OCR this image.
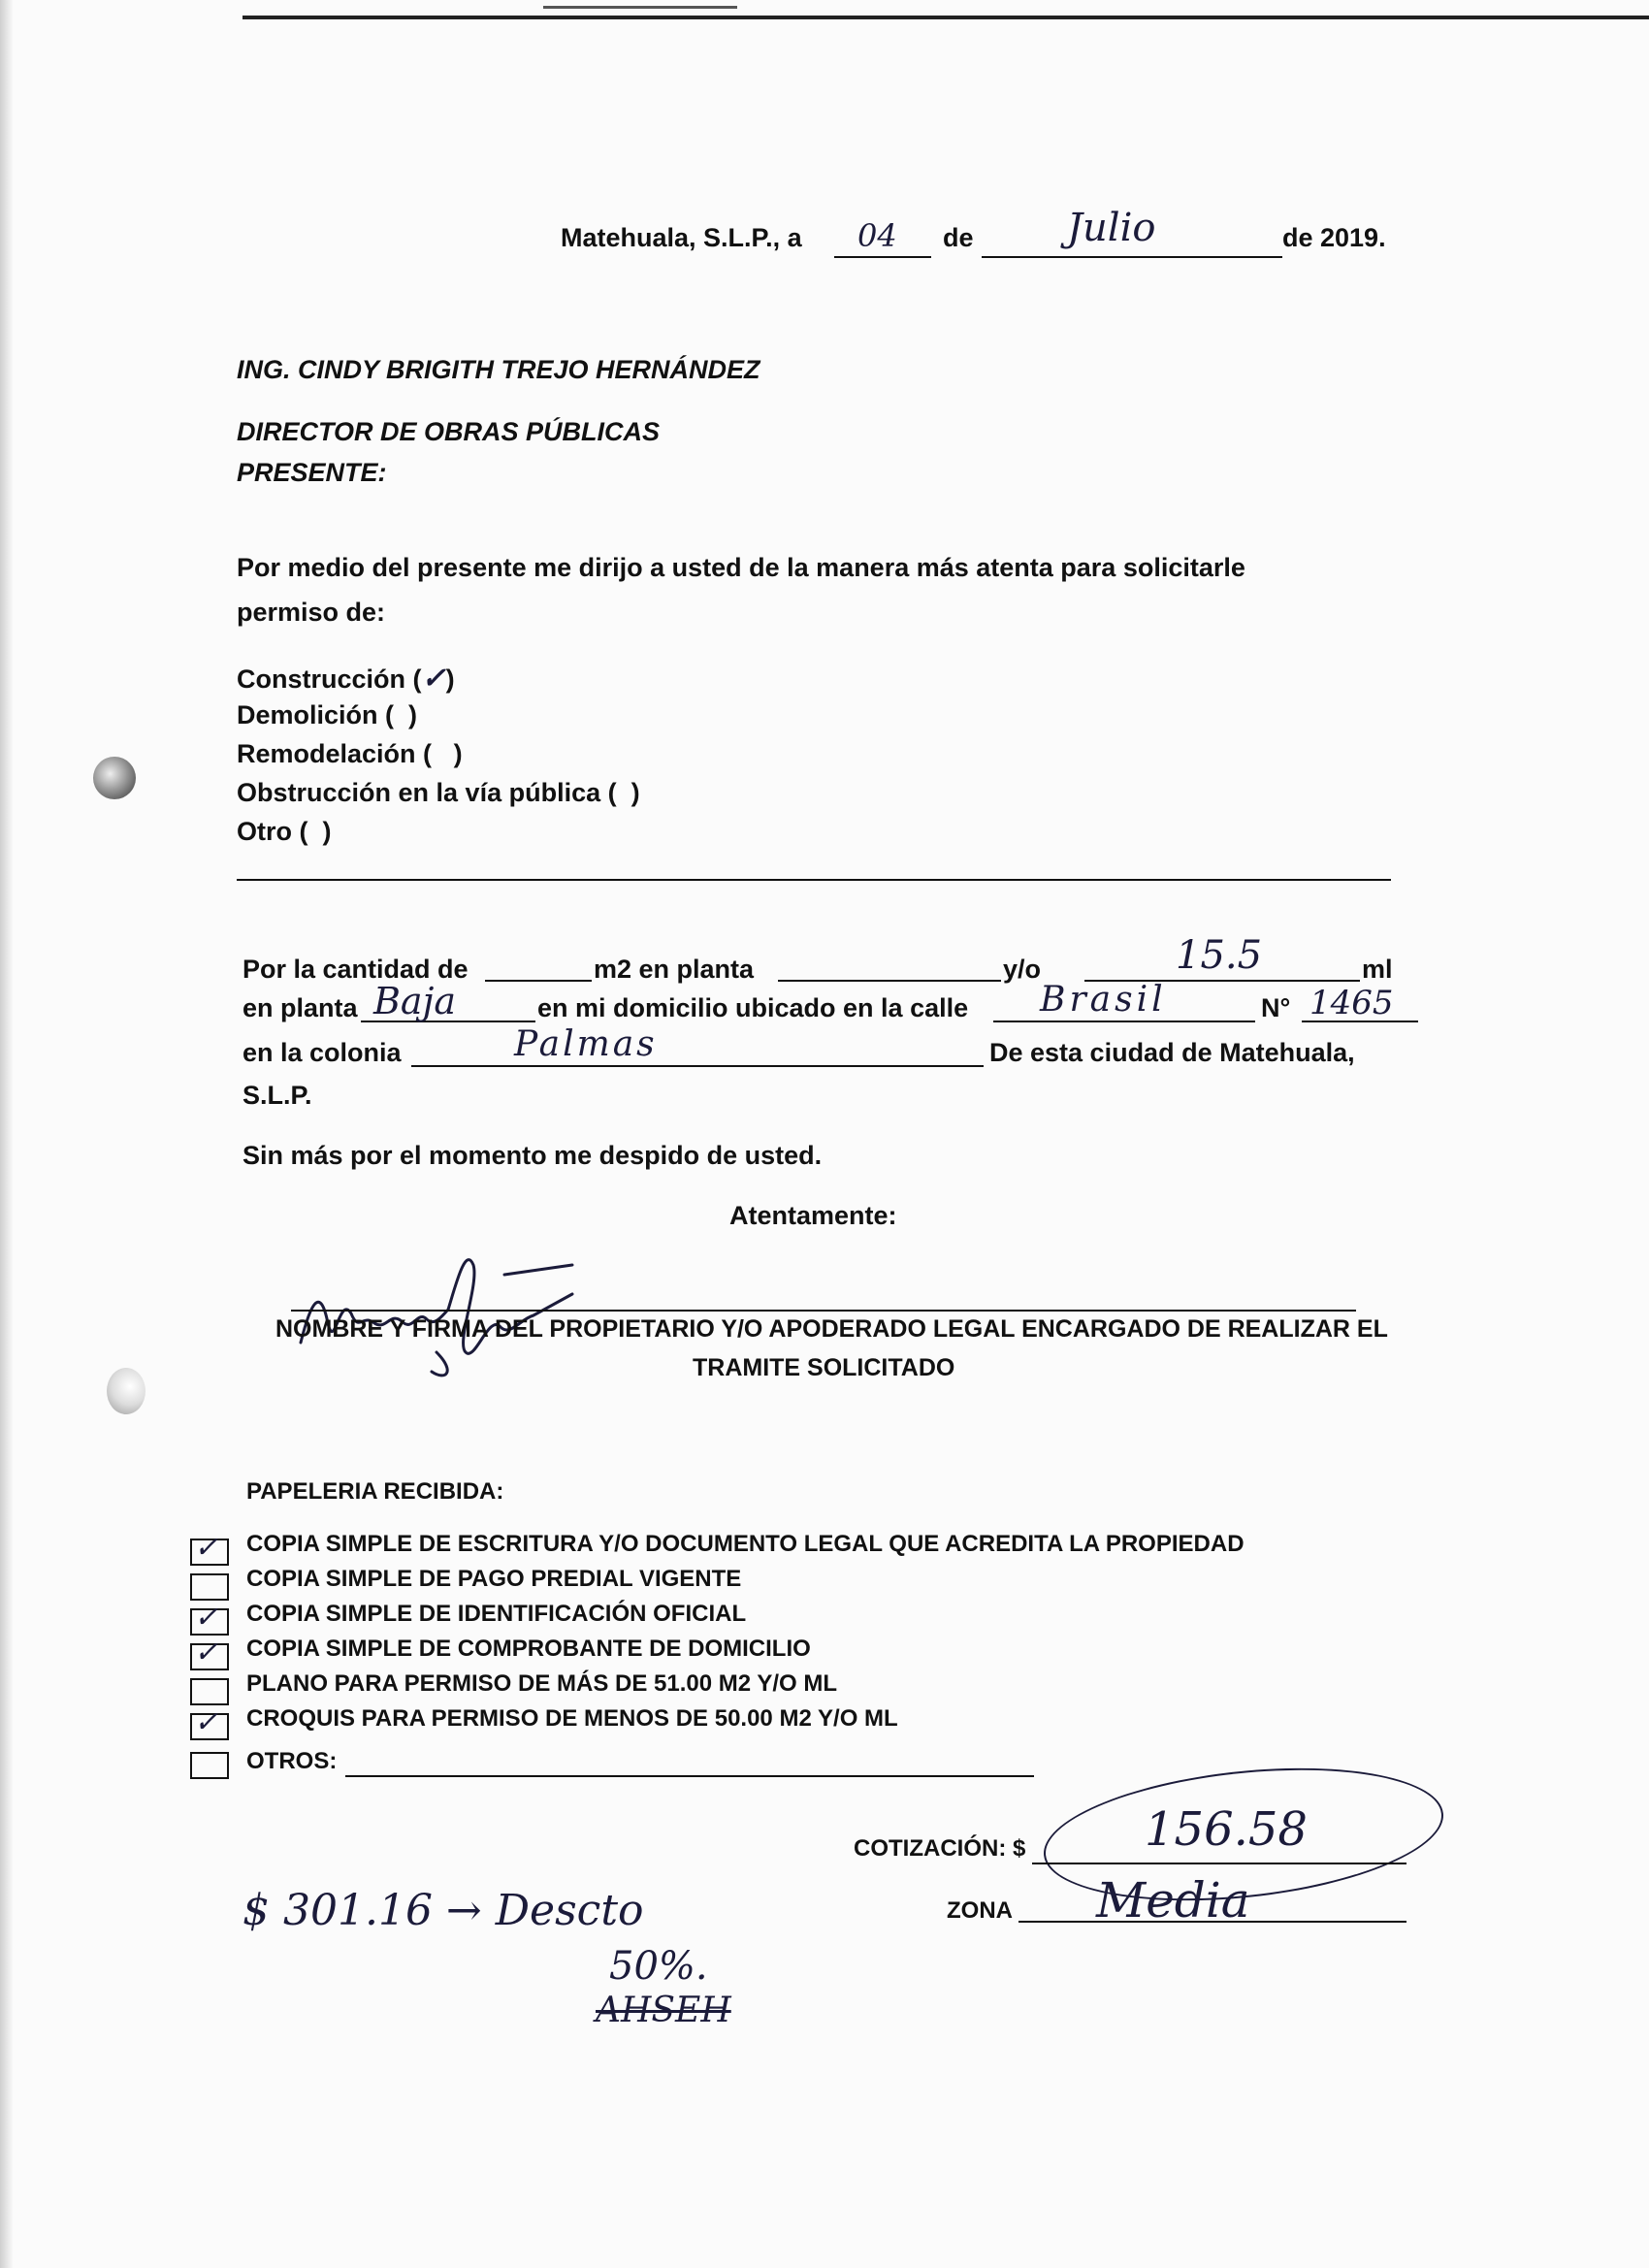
Matehuala, S.L.P., a 04 de Julio	de 2019.
ING. CINDY BRIGITH TREJO HERNÁNDEZ
DIRECTOR DE OBRAS PÚBLICAS
PRESENTE:
Por medio del presente me dirijo a usted de la manera más atenta para solicitarle
permiso de:
Construcción (✓)
Demolición ( )
Remodelación ( )
Obstrucción en la vía pública ( )
Otro ( )
Por la cantidad de	m2 en planta	y/o	15.5	ml
en planta Baja	en mi domicilio ubicado en la calle Brasil	N° 1465
en la colonia	Palmas	De esta ciudad de Matehuala,
S.L.P.
Sin más por el momento me despido de usted.
Atentamente:
NOMBRE Y FIRMA DEL PROPIETARIO Y/O APODERADO LEGAL ENCARGADO DE REALIZAR EL
TRAMITE SOLICITADO
PAPELERIA RECIBIDA:
✓ COPIA SIMPLE DE ESCRITURA Y/O DOCUMENTO LEGAL QUE ACREDITA LA PROPIEDAD
COPIA SIMPLE DE PAGO PREDIAL VIGENTE
✓ COPIA SIMPLE DE IDENTIFICACIÓN OFICIAL
✓ COPIA SIMPLE DE COMPROBANTE DE DOMICILIO
PLANO PARA PERMISO DE MÁS DE 51.00 M2 Y/O ML
✓ CROQUIS PARA PERMISO DE MENOS DE 50.00 M2 Y/O ML
OTROS:
COTIZACIÓN: $	156.58
ZONA Media
$ 301.16 → Descto
50%.
AHSEH
